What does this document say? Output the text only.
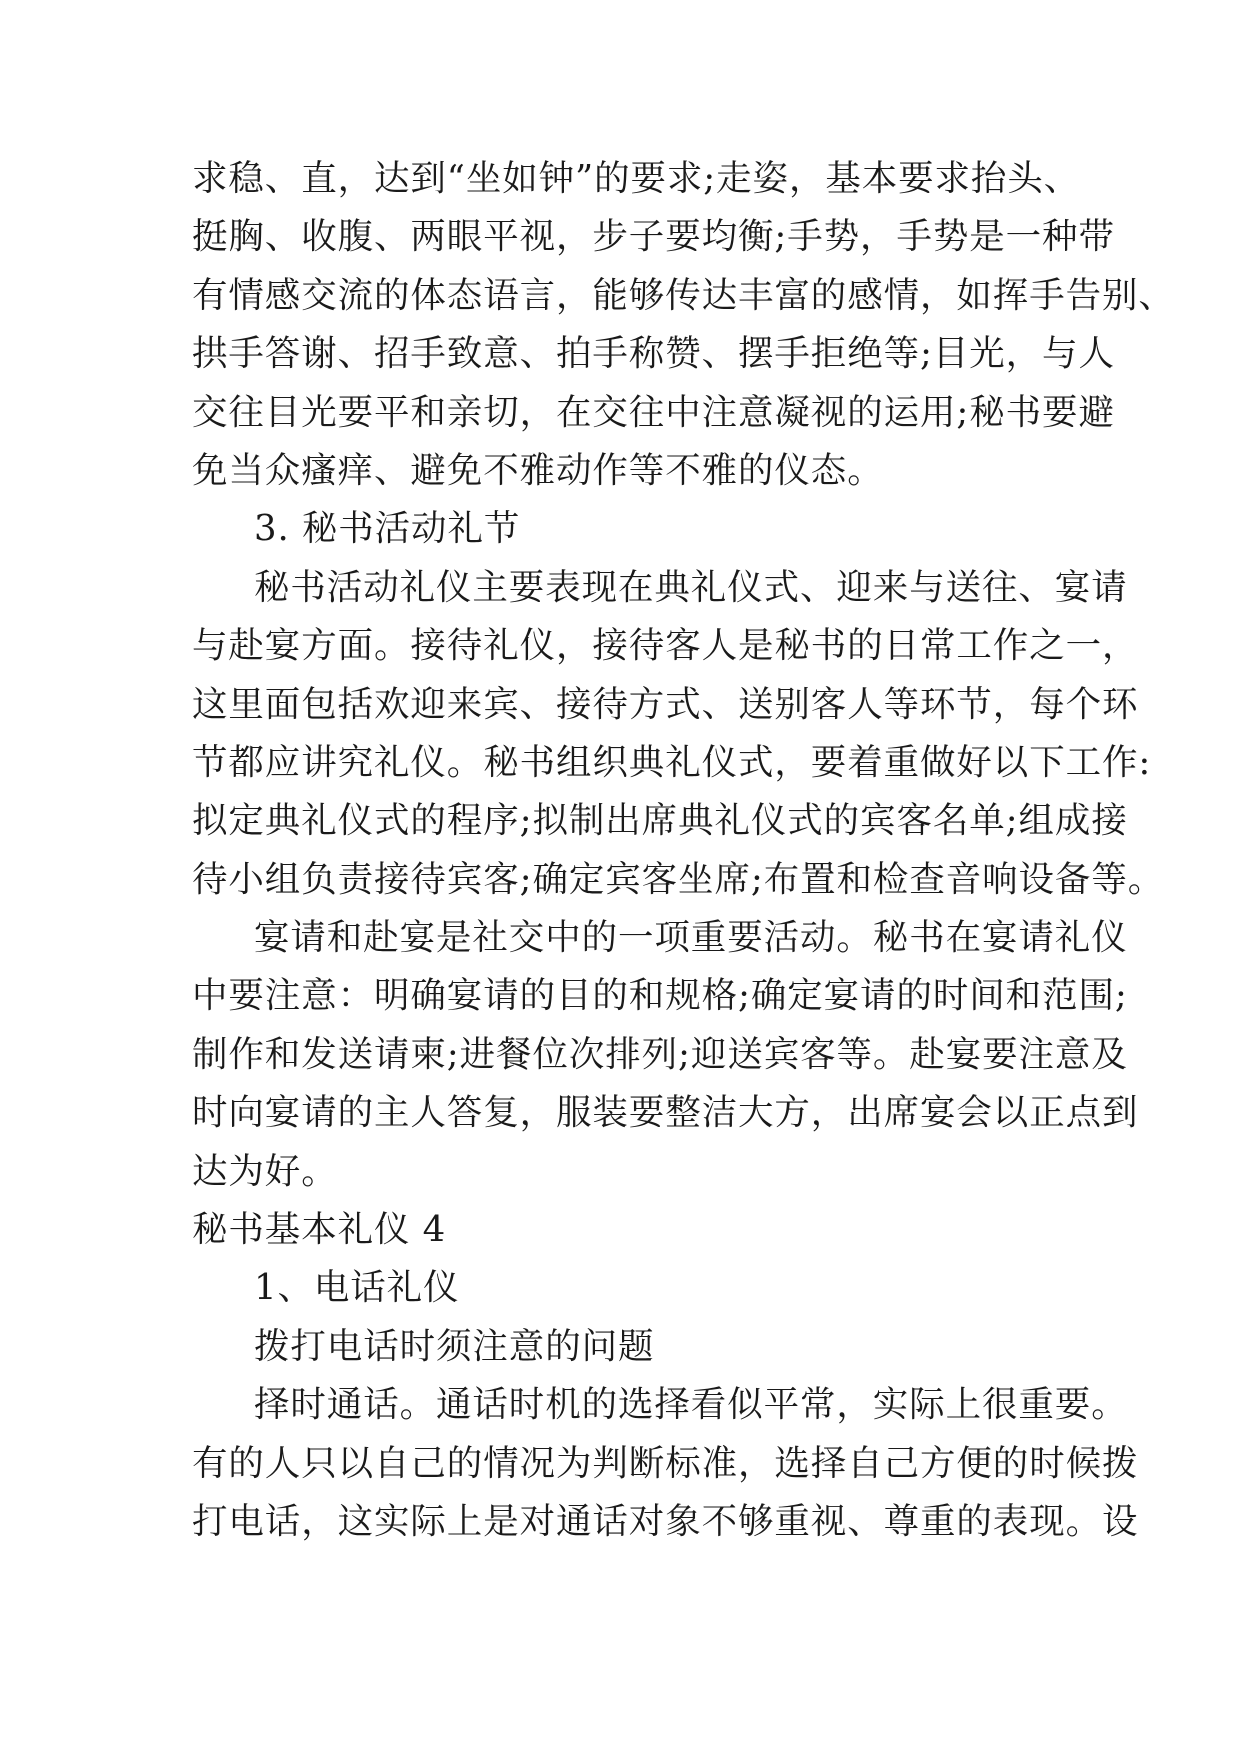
求稳、直，达到“坐如钟”的要求;走姿，基本要求抬头、
挺胸、收腹、两眼平视，步子要均衡;手势，手势是一种带
有情感交流的体态语言，能够传达丰富的感情，如挥手告别、
拱手答谢、招手致意、拍手称赞、摆手拒绝等;目光，与人
交往目光要平和亲切，在交往中注意凝视的运用;秘书要避
免当众瘙痒、避免不雅动作等不雅的仪态。
3. 秘书活动礼节
秘书活动礼仪主要表现在典礼仪式、迎来与送往、宴请
与赴宴方面。接待礼仪，接待客人是秘书的日常工作之一，
这里面包括欢迎来宾、接待方式、送别客人等环节，每个环
节都应讲究礼仪。秘书组织典礼仪式，要着重做好以下工作:
拟定典礼仪式的程序;拟制出席典礼仪式的宾客名单;组成接
待小组负责接待宾客;确定宾客坐席;布置和检查音响设备等。
宴请和赴宴是社交中的一项重要活动。秘书在宴请礼仪
中要注意：明确宴请的目的和规格;确定宴请的时间和范围;
制作和发送请柬;进餐位次排列;迎送宾客等。赴宴要注意及
时向宴请的主人答复，服装要整洁大方，出席宴会以正点到
达为好。
秘书基本礼仪 4
1、电话礼仪
拨打电话时须注意的问题
择时通话。通话时机的选择看似平常，实际上很重要。
有的人只以自己的情况为判断标准，选择自己方便的时候拨
打电话，这实际上是对通话对象不够重视、尊重的表现。设
